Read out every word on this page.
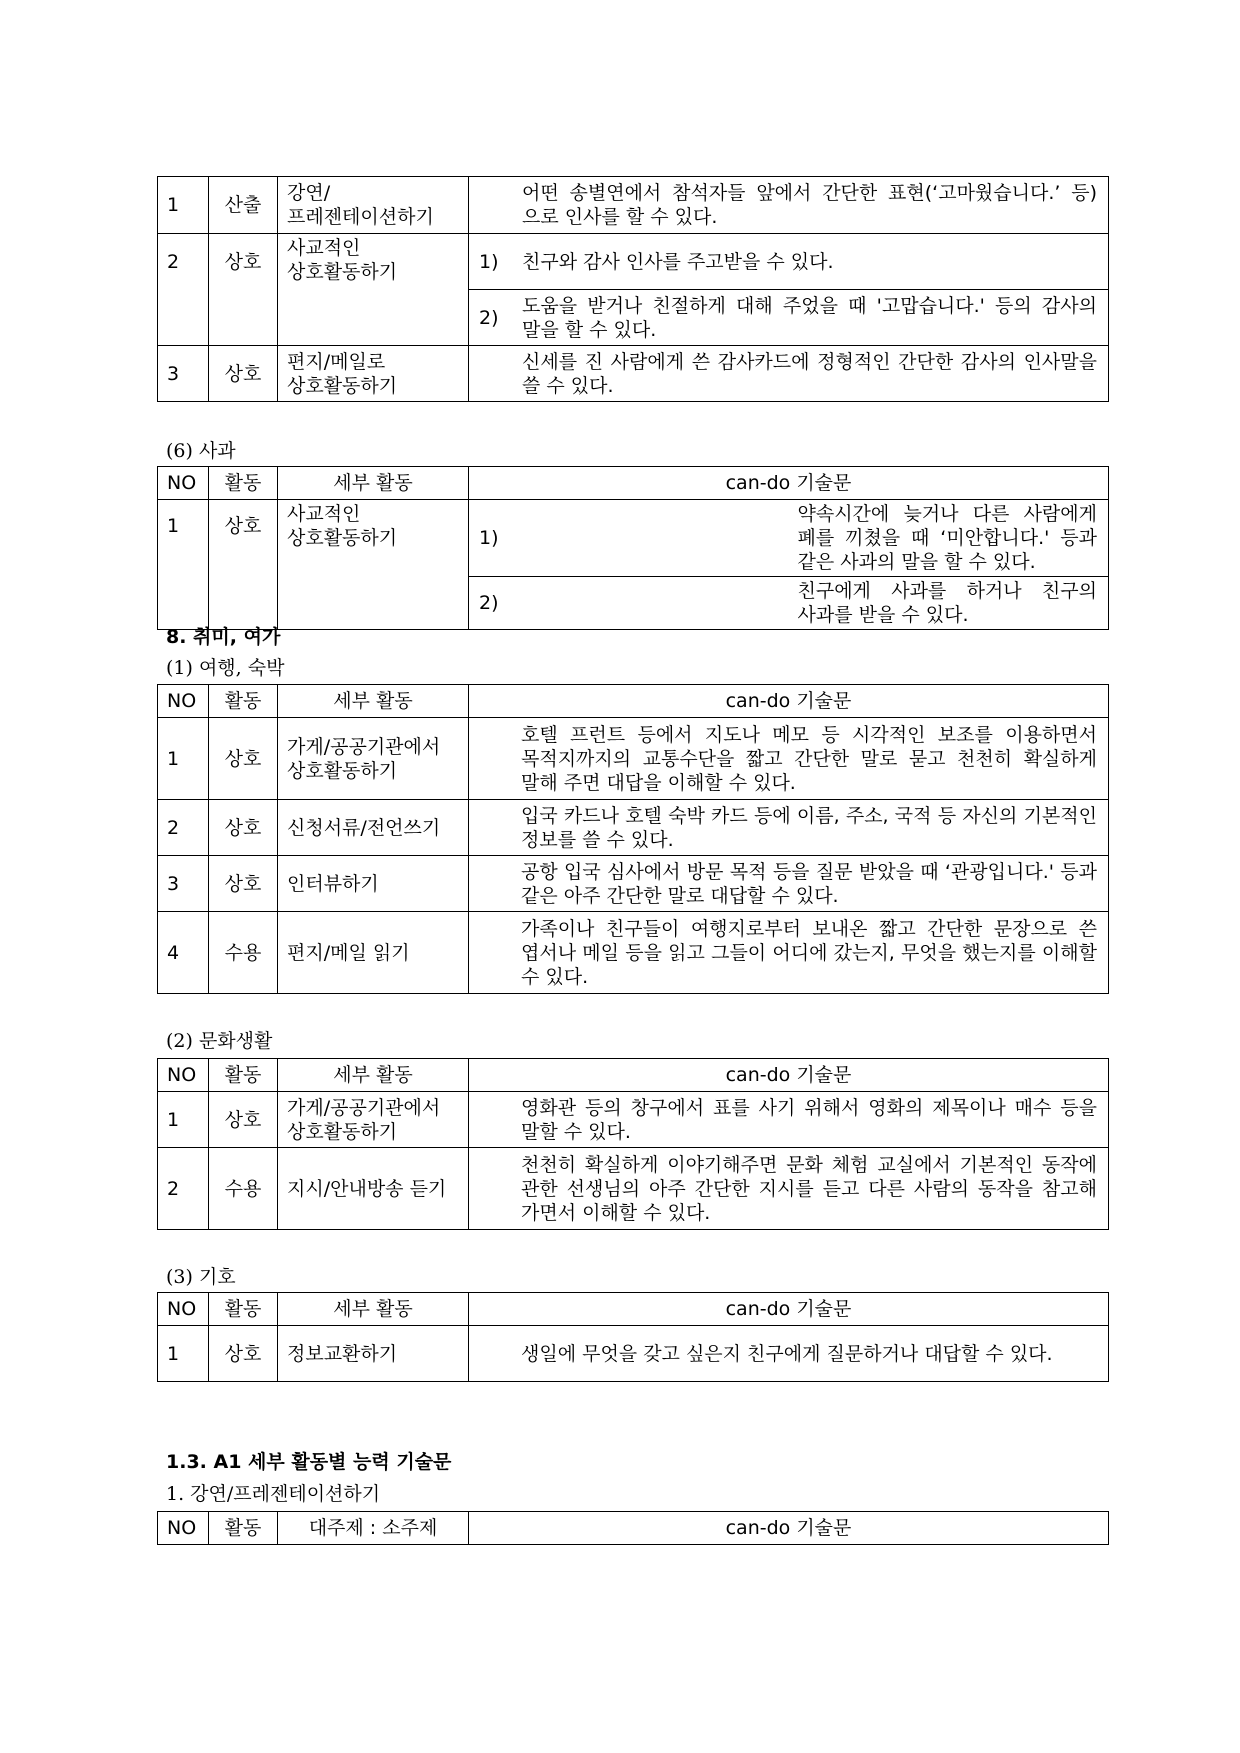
1	산출	강연/프레젠테이션하기		어떤 송별연에서 참석자들 앞에서 간단한 표현(‘고마웠습니다.’ 등)으로 인사를 할 수 있다.
2	상호	사교적인 상호활동하기	1)	친구와 감사 인사를 주고받을 수 있다.
			2)	도움을 받거나 친절하게 대해 주었을 때 '고맙습니다.' 등의 감사의 말을 할 수 있다.
3	상호	편지/메일로 상호활동하기		신세를 진 사람에게 쓴 감사카드에 정형적인 간단한 감사의 인사말을 쓸 수 있다.
(6) 사과
NO	활동	세부 활동	can-do 기술문	
1	상호	사교적인 상호활동하기	1)	약속시간에 늦거나 다른 사람에게 폐를 끼쳤을 때 ‘미안합니다.' 등과 같은 사과의 말을 할 수 있다.
			2)	친구에게 사과를 하거나 친구의 사과를 받을 수 있다.
8. 취미, 여가
(1) 여행, 숙박
NO	활동	세부 활동	can-do 기술문
1	상호	가게/공공기관에서 상호활동하기	호텔 프런트 등에서 지도나 메모 등 시각적인 보조를 이용하면서 목적지까지의 교통수단을 짧고 간단한 말로 묻고 천천히 확실하게 말해 주면 대답을 이해할 수 있다.
2	상호	신청서류/전언쓰기	입국 카드나 호텔 숙박 카드 등에 이름, 주소, 국적 등 자신의 기본적인 정보를 쓸 수 있다.
3	상호	인터뷰하기	공항 입국 심사에서 방문 목적 등을 질문 받았을 때 ‘관광입니다.' 등과 같은 아주 간단한 말로 대답할 수 있다.
4	수용	편지/메일 읽기	가족이나 친구들이 여행지로부터 보내온 짧고 간단한 문장으로 쓴 엽서나 메일 등을 읽고 그들이 어디에 갔는지, 무엇을 했는지를 이해할 수 있다.
(2) 문화생활
NO	활동	세부 활동	can-do 기술문
1	상호	가게/공공기관에서 상호활동하기	영화관 등의 창구에서 표를 사기 위해서 영화의 제목이나 매수 등을 말할 수 있다.
2	수용	지시/안내방송 듣기	천천히 확실하게 이야기해주면 문화 체험 교실에서 기본적인 동작에 관한 선생님의 아주 간단한 지시를 듣고 다른 사람의 동작을 참고해 가면서 이해할 수 있다.
(3) 기호
NO	활동	세부 활동	can-do 기술문
1	상호	정보교환하기	생일에 무엇을 갖고 싶은지 친구에게 질문하거나 대답할 수 있다.
1.3. A1 세부 활동별 능력 기술문
1. 강연/프레젠테이션하기
NO	활동	대주제 : 소주제	can-do 기술문
